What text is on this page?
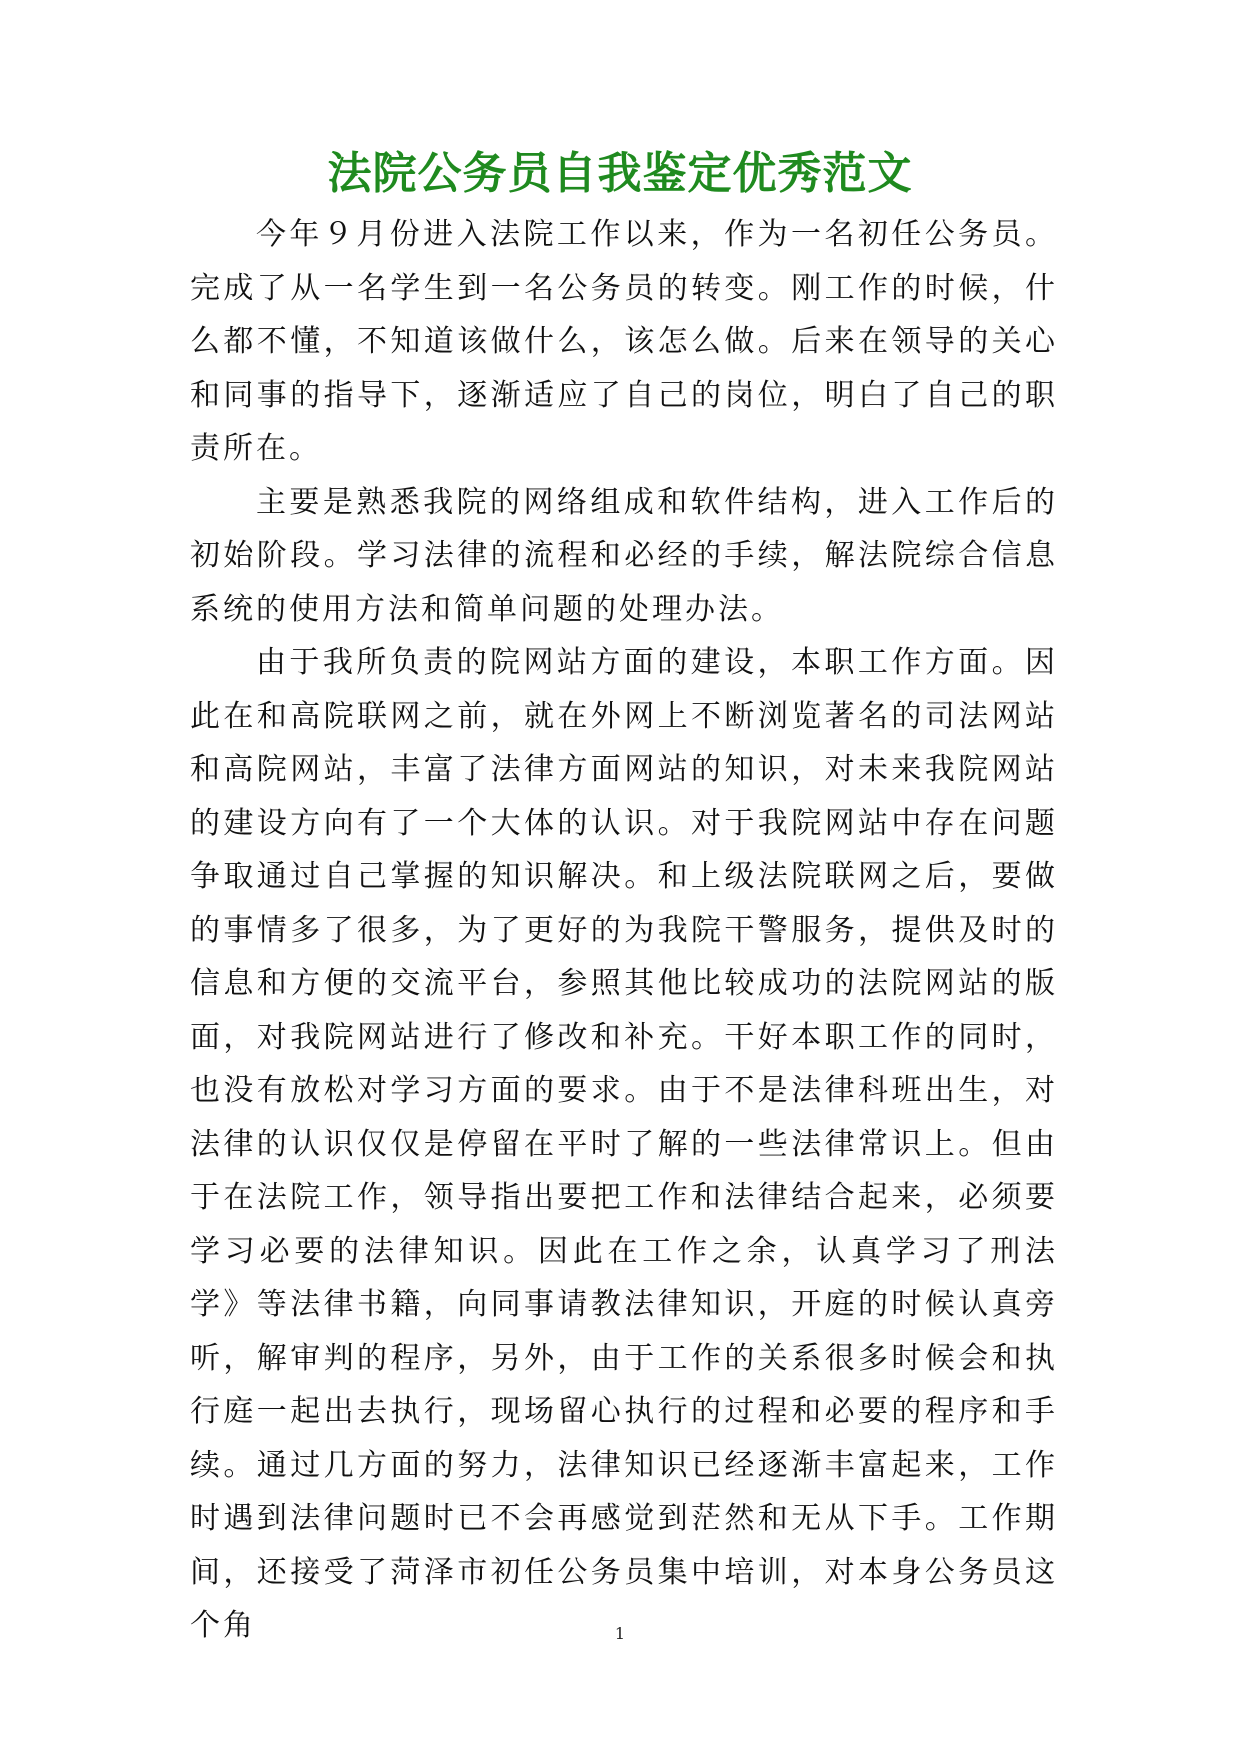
法院公务员自我鉴定优秀范文

今年９月份进入法院工作以来，作为一名初任公务员。完成了从一名学生到一名公务员的转变。刚工作的时候，什么都不懂，不知道该做什么，该怎么做。后来在领导的关心和同事的指导下，逐渐适应了自己的岗位，明白了自己的职责所在。

主要是熟悉我院的网络组成和软件结构，进入工作后的初始阶段。学习法律的流程和必经的手续，解法院综合信息系统的使用方法和简单问题的处理办法。

由于我所负责的院网站方面的建设，本职工作方面。因此在和高院联网之前，就在外网上不断浏览著名的司法网站和高院网站，丰富了法律方面网站的知识，对未来我院网站的建设方向有了一个大体的认识。对于我院网站中存在问题争取通过自己掌握的知识解决。和上级法院联网之后，要做的事情多了很多，为了更好的为我院干警服务，提供及时的信息和方便的交流平台，参照其他比较成功的法院网站的版面，对我院网站进行了修改和补充。干好本职工作的同时，也没有放松对学习方面的要求。由于不是法律科班出生，对法律的认识仅仅是停留在平时了解的一些法律常识上。但由于在法院工作，领导指出要把工作和法律结合起来，必须要学习必要的法律知识。因此在工作之余，认真学习了刑法学》等法律书籍，向同事请教法律知识，开庭的时候认真旁听，解审判的程序，另外，由于工作的关系很多时候会和执行庭一起出去执行，现场留心执行的过程和必要的程序和手续。通过几方面的努力，法律知识已经逐渐丰富起来，工作时遇到法律问题时已不会再感觉到茫然和无从下手。工作期间，还接受了菏泽市初任公务员集中培训，对本身公务员这个角	1
